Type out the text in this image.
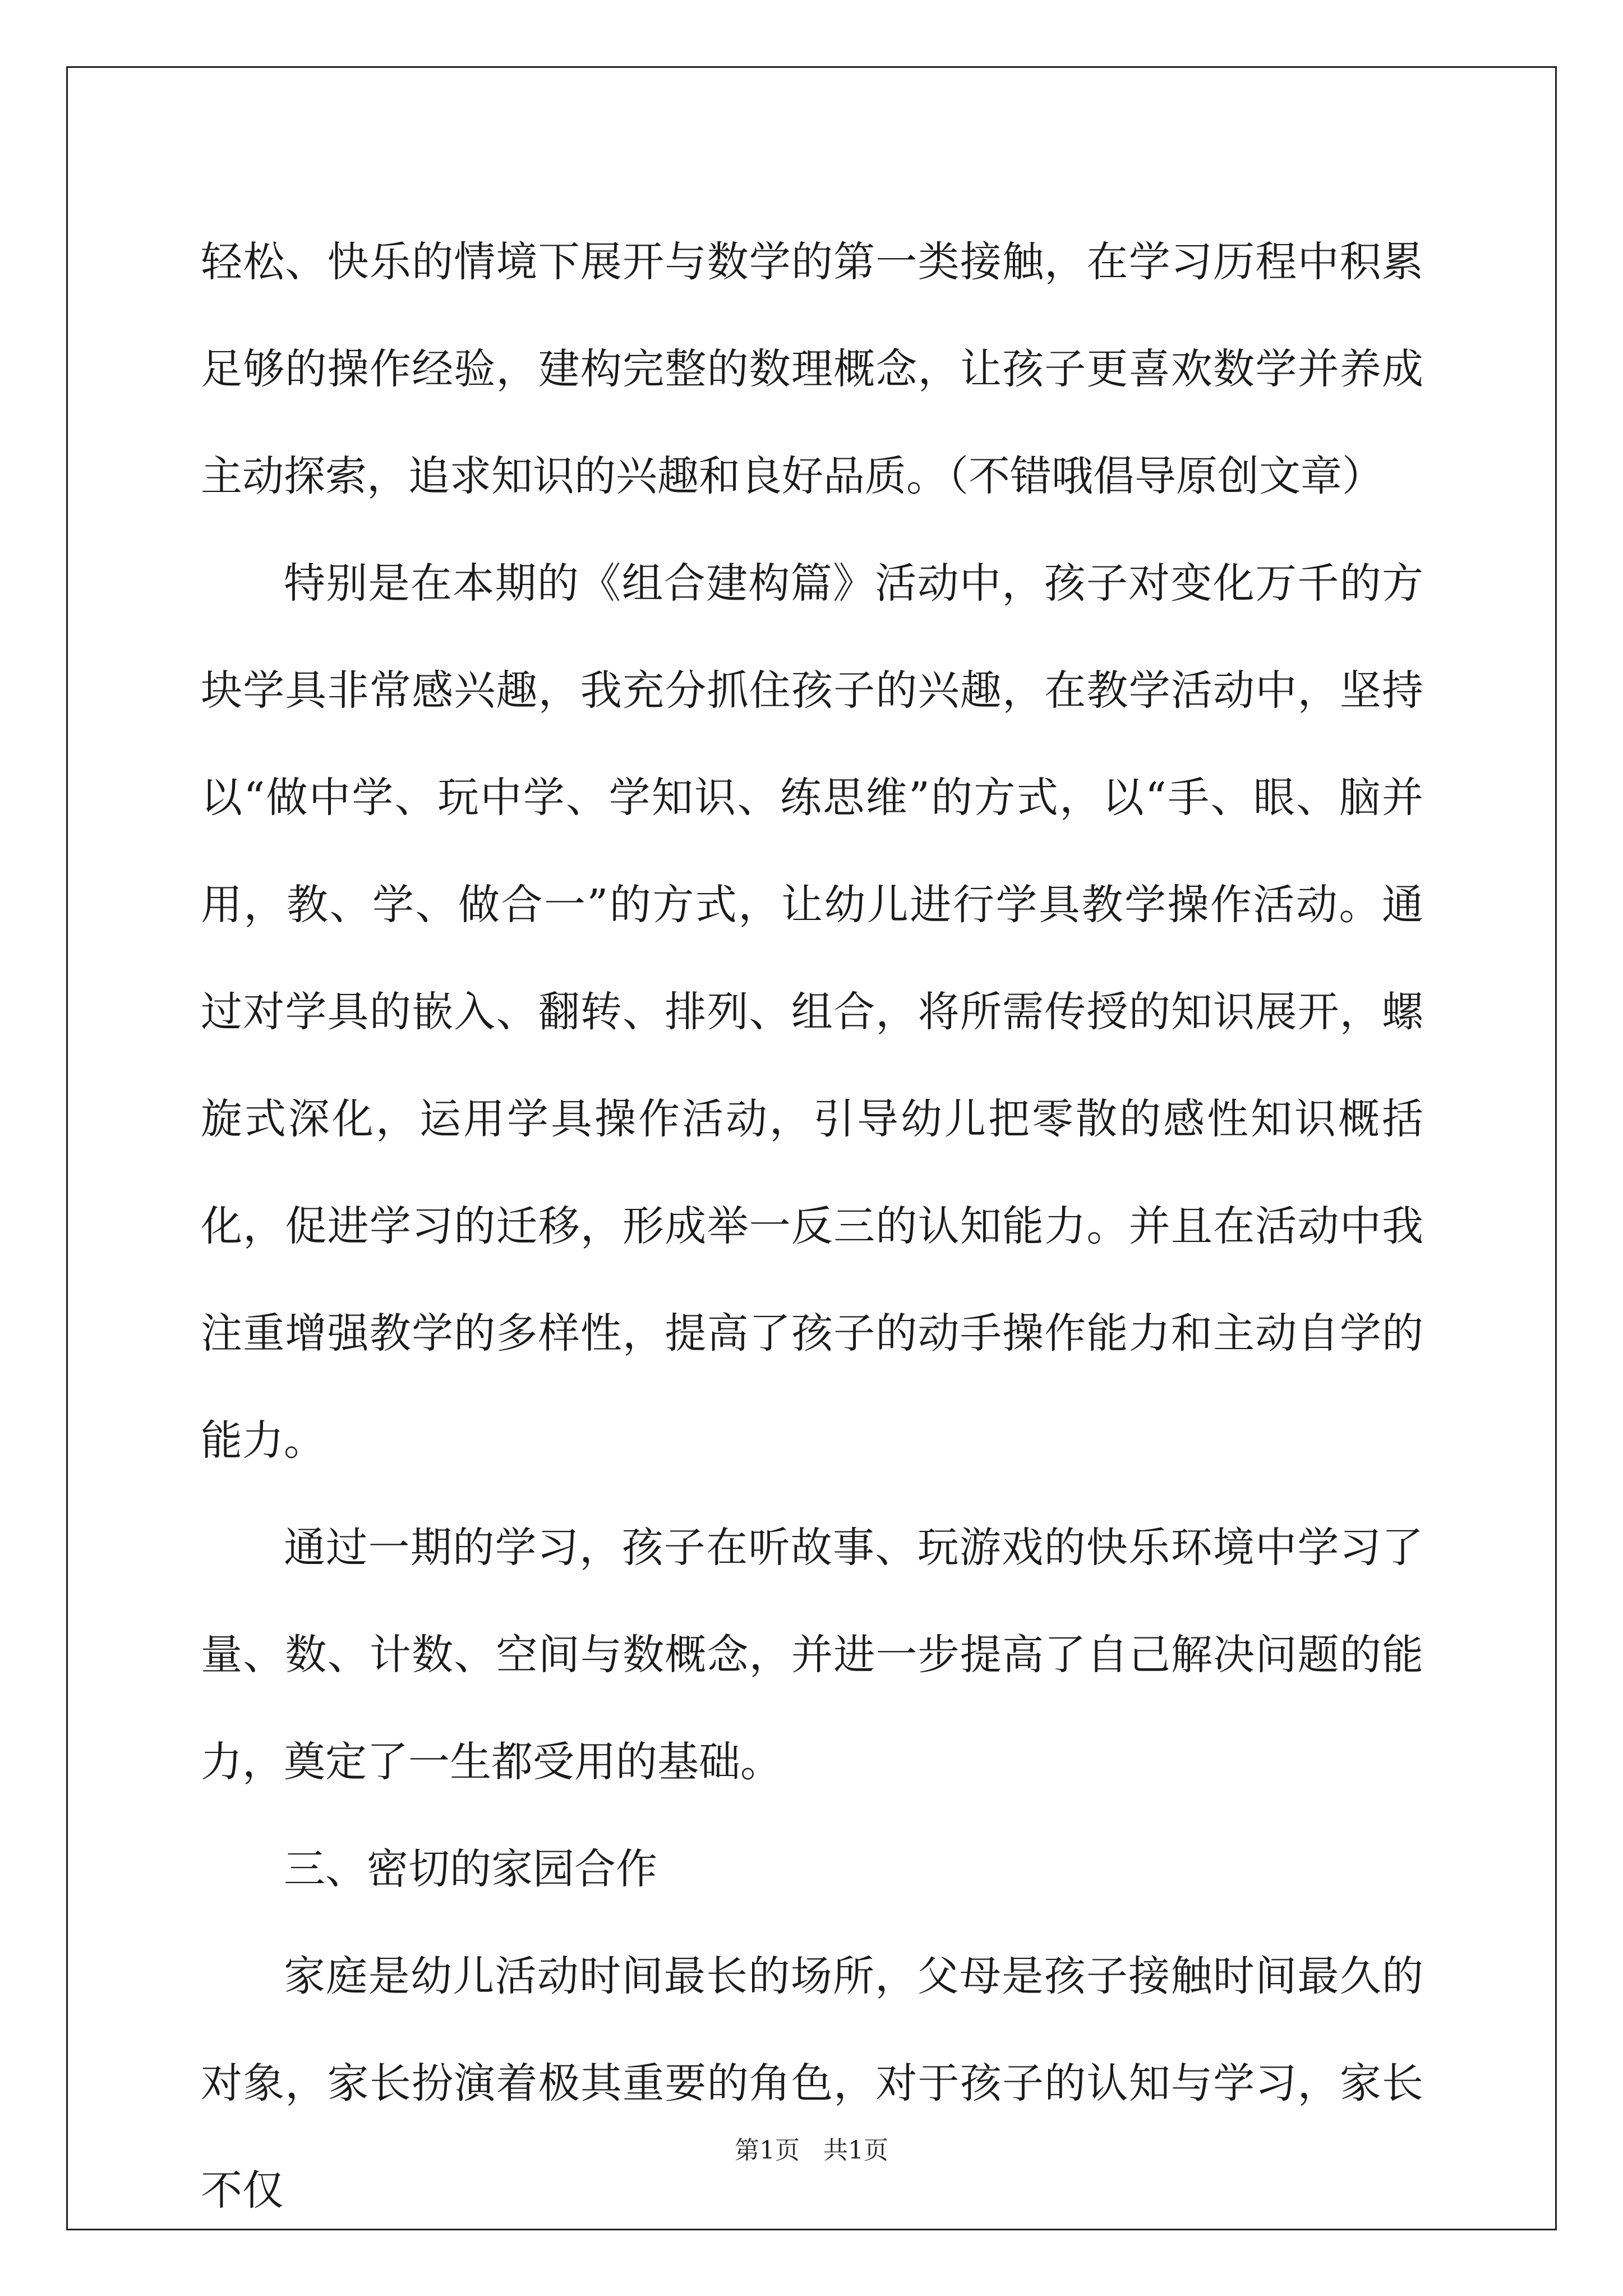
轻松、快乐的情境下展开与数学的第一类接触，在学习历程中积累足够的操作经验，建构完整的数理概念，让孩子更喜欢数学并养成主动探索，追求知识的兴趣和良好品质。（不错哦倡导原创文章）

特别是在本期的《组合建构篇》活动中，孩子对变化万千的方块学具非常感兴趣，我充分抓住孩子的兴趣，在教学活动中，坚持以“做中学、玩中学、学知识、练思维”的方式，以“手、眼、脑并用，教、学、做合一”的方式，让幼儿进行学具教学操作活动。通过对学具的嵌入、翻转、排列、组合，将所需传授的知识展开，螺旋式深化，运用学具操作活动，引导幼儿把零散的感性知识概括化，促进学习的迁移，形成举一反三的认知能力。并且在活动中我注重增强教学的多样性，提高了孩子的动手操作能力和主动自学的能力。

通过一期的学习，孩子在听故事、玩游戏的快乐环境中学习了量、数、计数、空间与数概念，并进一步提高了自己解决问题的能力，奠定了一生都受用的基础。

三、密切的家园合作

家庭是幼儿活动时间最长的场所，父母是孩子接触时间最久的对象，家长扮演着极其重要的角色，对于孩子的认知与学习，家长不仅

第1页   共1页
